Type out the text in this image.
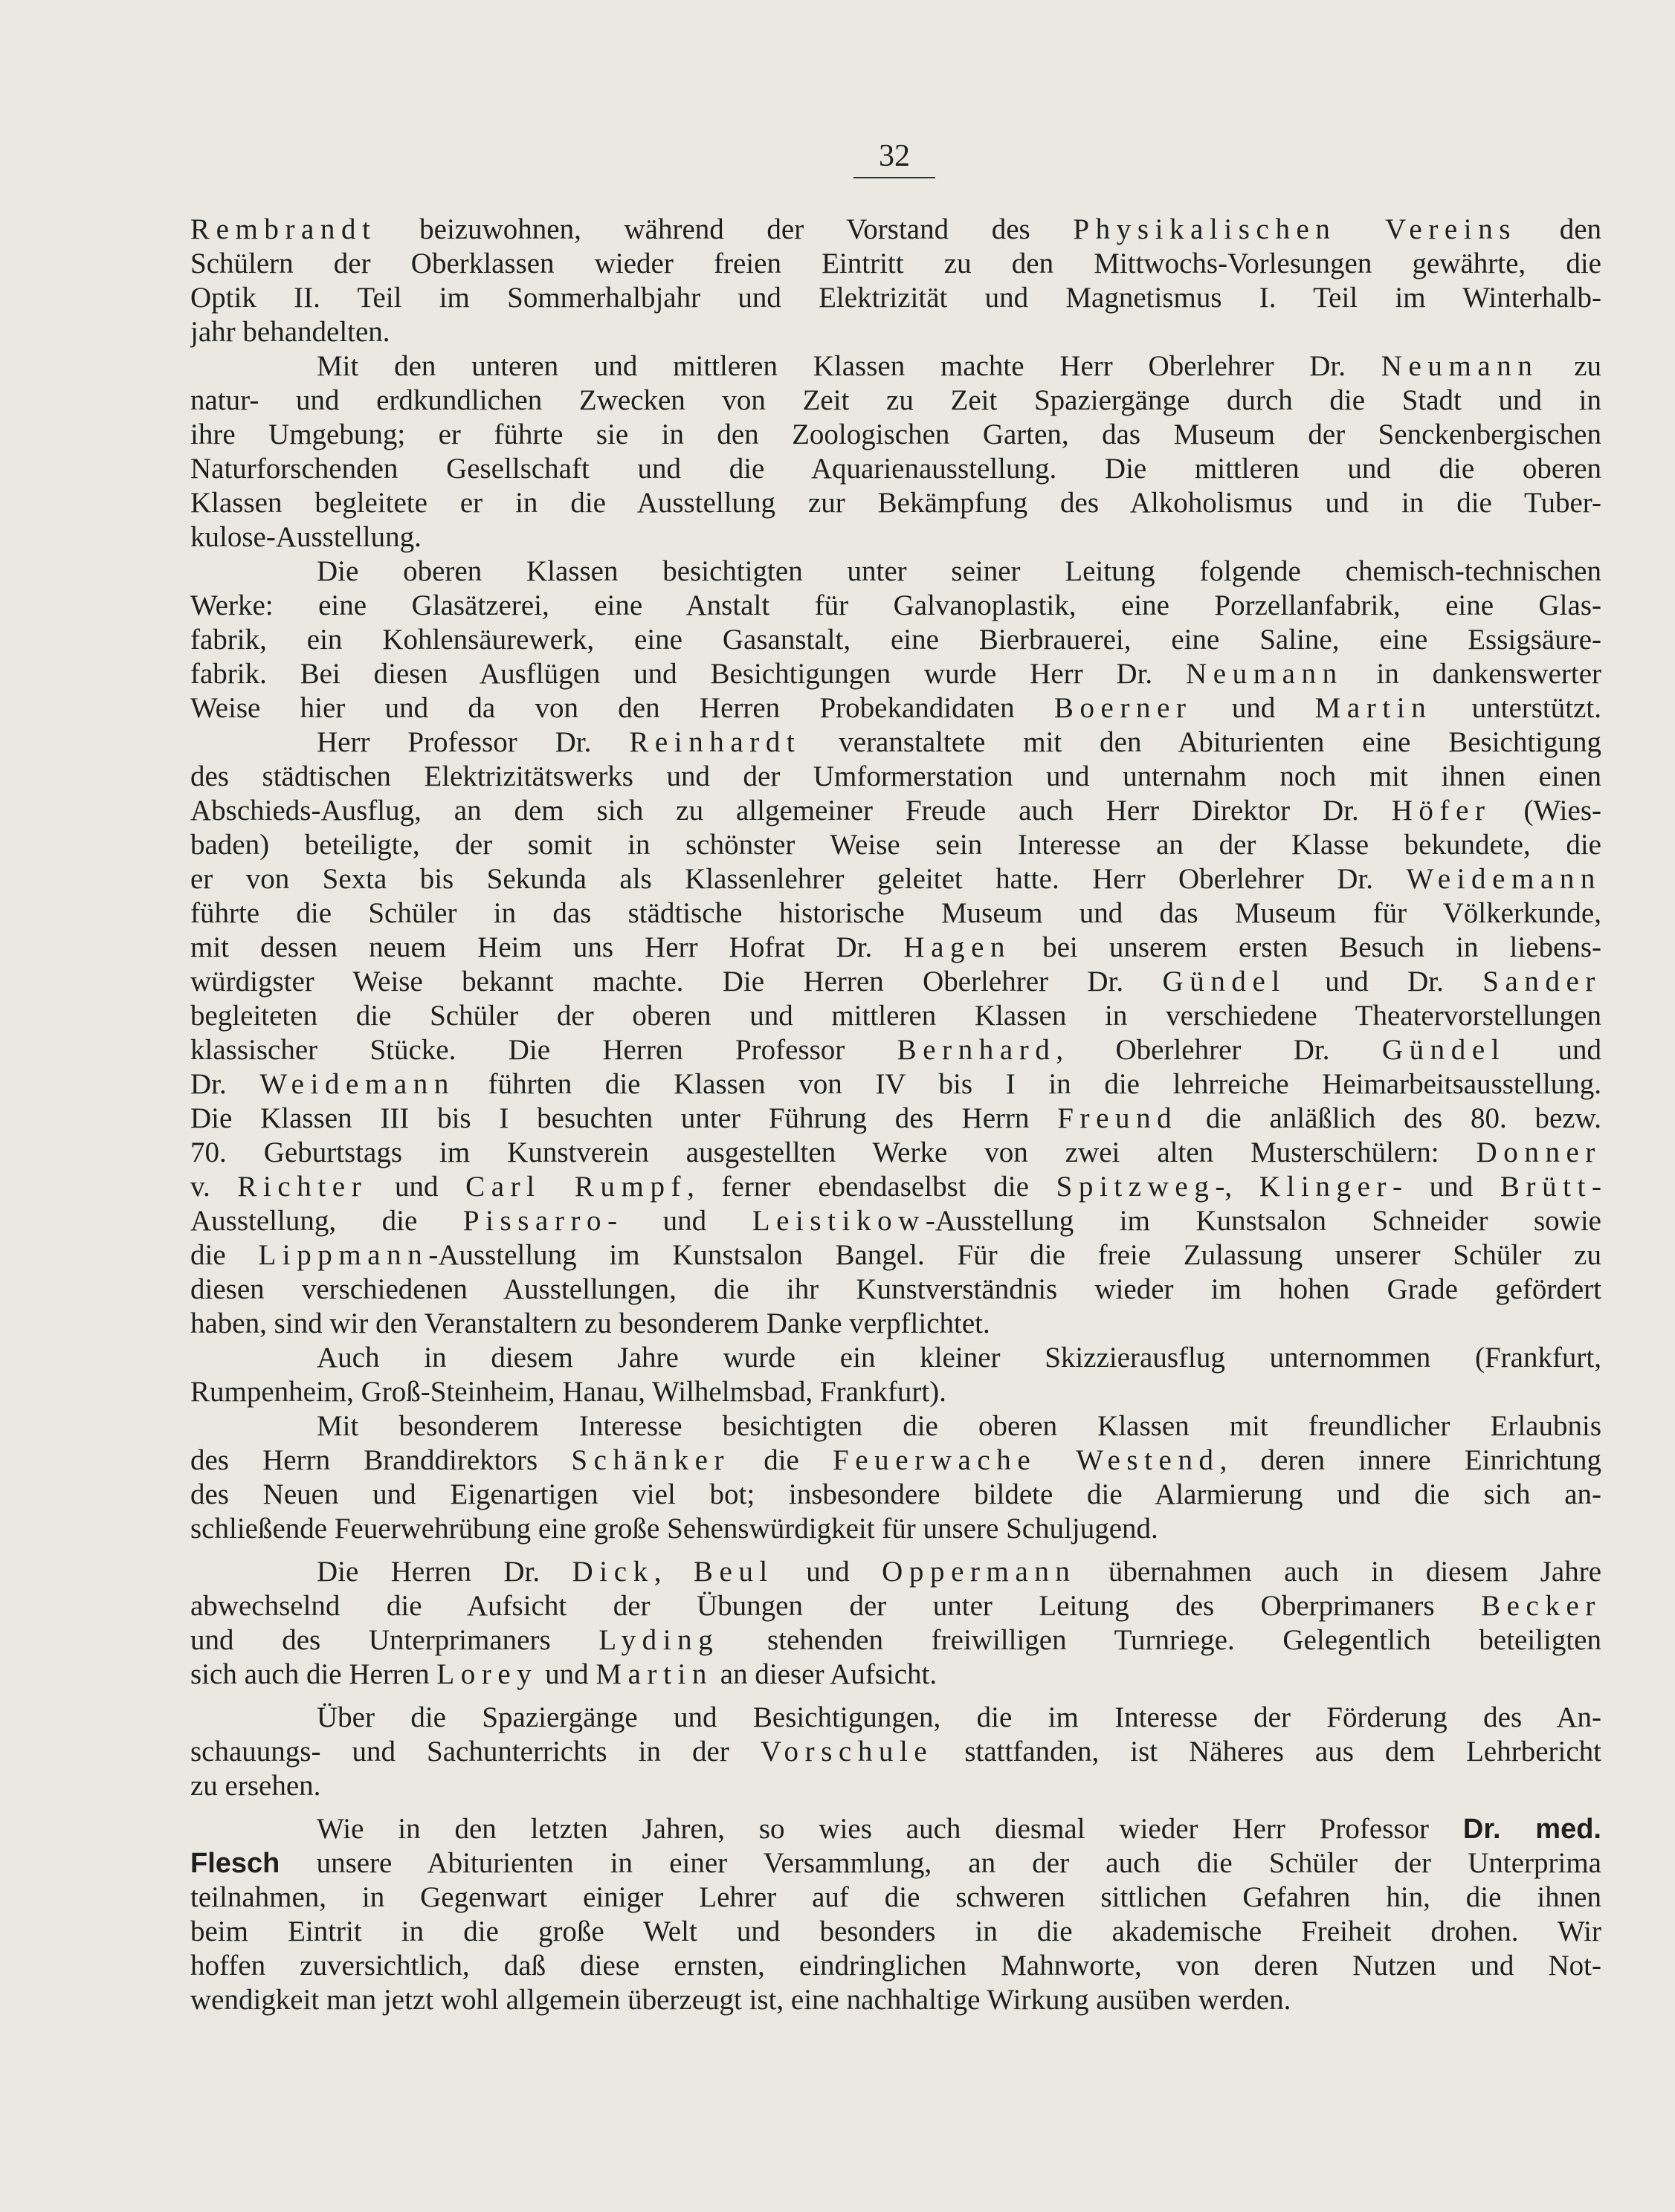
32
Rembrandt beizuwohnen, während der Vorstand des Physikalischen Vereins den
Schülern der Oberklassen wieder freien Eintritt zu den Mittwochs-Vorlesungen gewährte, die
Optik II. Teil im Sommerhalbjahr und Elektrizität und Magnetismus I. Teil im Winterhalb-
jahr behandelten.
Mit den unteren und mittleren Klassen machte Herr Oberlehrer Dr. Neumann zu
natur- und erdkundlichen Zwecken von Zeit zu Zeit Spaziergänge durch die Stadt und in
ihre Umgebung; er führte sie in den Zoologischen Garten, das Museum der Senckenbergischen
Naturforschenden Gesellschaft und die Aquarienausstellung. Die mittleren und die oberen
Klassen begleitete er in die Ausstellung zur Bekämpfung des Alkoholismus und in die Tuber-
kulose-Ausstellung.
Die oberen Klassen besichtigten unter seiner Leitung folgende chemisch-technischen
Werke: eine Glasätzerei, eine Anstalt für Galvanoplastik, eine Porzellanfabrik, eine Glas-
fabrik, ein Kohlensäurewerk, eine Gasanstalt, eine Bierbrauerei, eine Saline, eine Essigsäure-
fabrik. Bei diesen Ausflügen und Besichtigungen wurde Herr Dr. Neumann in dankenswerter
Weise hier und da von den Herren Probekandidaten Boerner und Martin unterstützt.
Herr Professor Dr. Reinhardt veranstaltete mit den Abiturienten eine Besichtigung
des städtischen Elektrizitätswerks und der Umformerstation und unternahm noch mit ihnen einen
Abschieds-Ausflug, an dem sich zu allgemeiner Freude auch Herr Direktor Dr. Höfer (Wies-
baden) beteiligte, der somit in schönster Weise sein Interesse an der Klasse bekundete, die
er von Sexta bis Sekunda als Klassenlehrer geleitet hatte. Herr Oberlehrer Dr. Weidemann
führte die Schüler in das städtische historische Museum und das Museum für Völkerkunde,
mit dessen neuem Heim uns Herr Hofrat Dr. Hagen bei unserem ersten Besuch in liebens-
würdigster Weise bekannt machte. Die Herren Oberlehrer Dr. Gündel und Dr. Sander
begleiteten die Schüler der oberen und mittleren Klassen in verschiedene Theatervorstellungen
klassischer Stücke. Die Herren Professor Bernhard, Oberlehrer Dr. Gündel und
Dr. Weidemann führten die Klassen von IV bis I in die lehrreiche Heimarbeitsausstellung.
Die Klassen III bis I besuchten unter Führung des Herrn Freund die anläßlich des 80. bezw.
70. Geburtstags im Kunstverein ausgestellten Werke von zwei alten Musterschülern: Donner
v. Richter und Carl Rumpf, ferner ebendaselbst die Spitzweg-, Klinger- und Brütt-
Ausstellung, die Pissarro- und Leistikow-Ausstellung im Kunstsalon Schneider sowie
die Lippmann-Ausstellung im Kunstsalon Bangel. Für die freie Zulassung unserer Schüler zu
diesen verschiedenen Ausstellungen, die ihr Kunstverständnis wieder im hohen Grade gefördert
haben, sind wir den Veranstaltern zu besonderem Danke verpflichtet.
Auch in diesem Jahre wurde ein kleiner Skizzierausflug unternommen (Frankfurt,
Rumpenheim, Groß-Steinheim, Hanau, Wilhelmsbad, Frankfurt).
Mit besonderem Interesse besichtigten die oberen Klassen mit freundlicher Erlaubnis
des Herrn Branddirektors Schänker die Feuerwache Westend, deren innere Einrichtung
des Neuen und Eigenartigen viel bot; insbesondere bildete die Alarmierung und die sich an-
schließende Feuerwehrübung eine große Sehenswürdigkeit für unsere Schuljugend.
Die Herren Dr. Dick, Beul und Oppermann übernahmen auch in diesem Jahre
abwechselnd die Aufsicht der Übungen der unter Leitung des Oberprimaners Becker
und des Unterprimaners Lyding stehenden freiwilligen Turnriege. Gelegentlich beteiligten
sich auch die Herren Lorey und Martin an dieser Aufsicht.
Über die Spaziergänge und Besichtigungen, die im Interesse der Förderung des An-
schauungs- und Sachunterrichts in der Vorschule stattfanden, ist Näheres aus dem Lehrbericht
zu ersehen.
Wie in den letzten Jahren, so wies auch diesmal wieder Herr Professor Dr. med.
Flesch unsere Abiturienten in einer Versammlung, an der auch die Schüler der Unterprima
teilnahmen, in Gegenwart einiger Lehrer auf die schweren sittlichen Gefahren hin, die ihnen
beim Eintrit in die große Welt und besonders in die akademische Freiheit drohen. Wir
hoffen zuversichtlich, daß diese ernsten, eindringlichen Mahnworte, von deren Nutzen und Not-
wendigkeit man jetzt wohl allgemein überzeugt ist, eine nachhaltige Wirkung ausüben werden.
